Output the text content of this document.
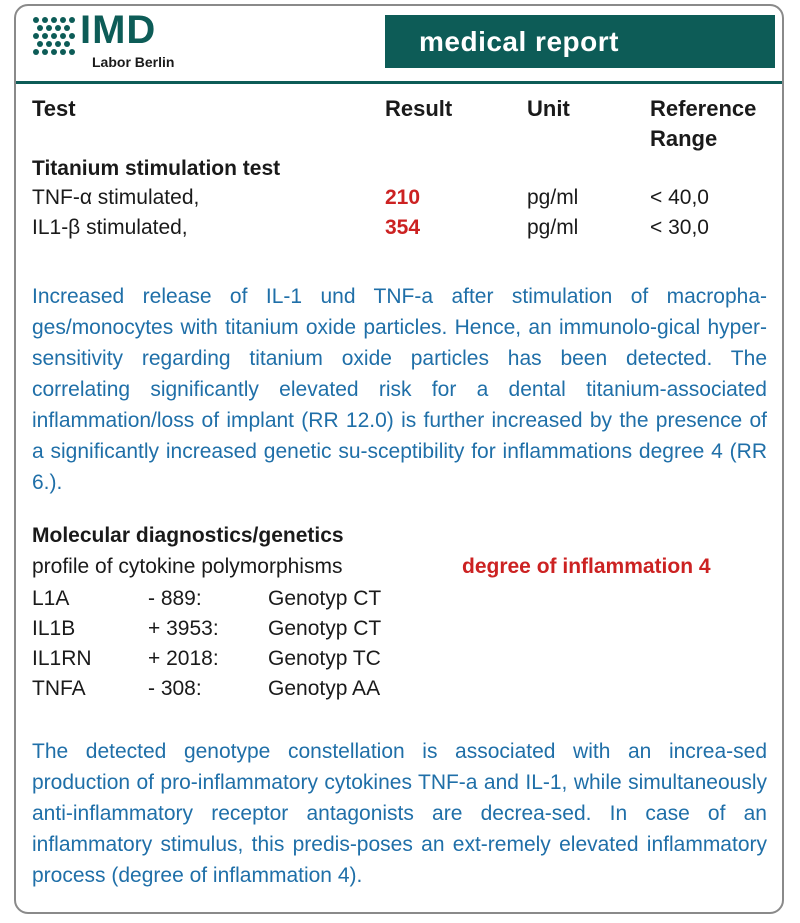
IMD
Labor Berlin
medical report
Test	Result	Unit	Reference
Range
Titanium stimulation test
TNF-α stimulated,	210	pg/ml	< 40,0
IL1-β stimulated,	354	pg/ml	< 30,0
Increased release of IL-1 und TNF-a after stimulation of macropha-ges/monocytes with titanium oxide particles. Hence, an immunolo-gical hyper-sensitivity regarding titanium oxide particles has been detected. The correlating significantly elevated risk for a dental titanium-associated inflammation/loss of implant (RR 12.0) is further increased by the presence of a significantly increased genetic su-sceptibility for inflammations degree 4 (RR 6.).
Molecular diagnostics/genetics
profile of cytokine polymorphisms	degree of inflammation 4
L1A	- 889:	Genotyp CT
IL1B	+ 3953: Genotyp CT
IL1RN	+ 2018: Genotyp TC
TNFA	- 308:	Genotyp AA
The detected genotype constellation is associated with an increa-sed production of pro-inflammatory cytokines TNF-a and IL-1, while simultaneously anti-inflammatory receptor antagonists are decrea-sed. In case of an inflammatory stimulus, this predis-poses an ext-remely elevated inflammatory process (degree of inflammation 4).
